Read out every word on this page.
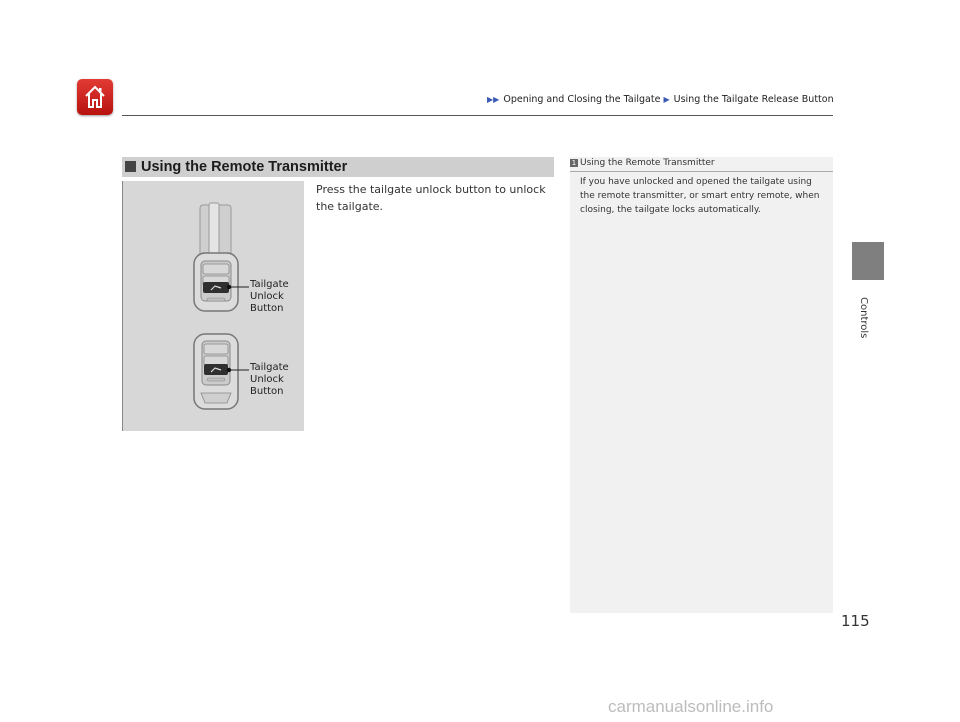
▶▶ Opening and Closing the Tailgate ▶ Using the Tailgate Release Button
Controls
Using the Remote Transmitter

Press the tailgate unlock button to unlock the tailgate.

Tailgate
Unlock
Button
Tailgate
Unlock
Button
1 Using the Remote Transmitter

If you have unlocked and opened the tailgate using the remote transmitter, or smart entry remote, when closing, the tailgate locks automatically.

115
carmanualsonline.info
